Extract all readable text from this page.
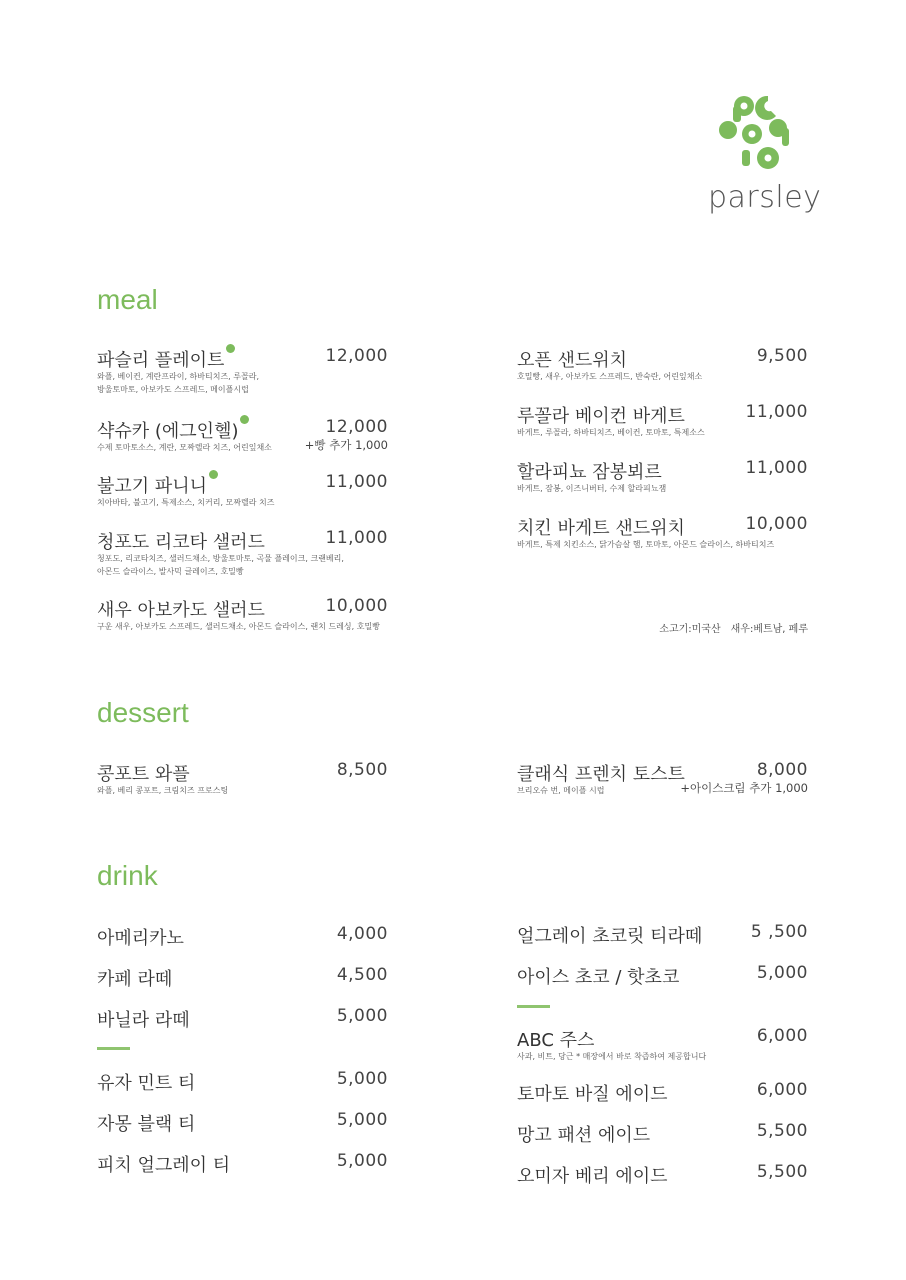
parsley
meal
파슬리 플레이트	12,000
와플, 베이컨, 계란프라이, 하바티치즈, 루꼴라,
방울토마토, 아보카도 스프레드, 메이플시럽
샥슈카 (에그인헬)	12,000
+빵 추가 1,000
수제 토마토소스, 계란, 모짜렐라 치즈, 어린잎채소
불고기 파니니	11,000
치아바타, 불고기, 특제소스, 치커리, 모짜렐라 치즈
청포도 리코타 샐러드	11,000
청포도, 리코타치즈, 샐러드채소, 방울토마토, 곡물 플레이크, 크랜베리,
아몬드 슬라이스, 발사믹 글레이즈, 호밀빵
새우 아보카도 샐러드	10,000
구운 새우, 아보카도 스프레드, 샐러드채소, 아몬드 슬라이스, 랜치 드레싱, 호밀빵
오픈 샌드위치	9,500
호밀빵, 새우, 아보카도 스프레드, 반숙란, 어린잎채소
루꼴라 베이컨 바게트	11,000
바게트, 루꼴라, 하바티치즈, 베이컨, 토마토, 특제소스
할라피뇨 잠봉뵈르	11,000
바게트, 잠봉, 이즈니버터, 수제 할라피뇨잼
치킨 바게트 샌드위치	10,000
바게트, 특제 치킨소스, 닭가슴살 햄, 토마토, 아몬드 슬라이스, 하바티치즈
소고기:미국산 새우:베트남, 페루
dessert
콩포트 와플	8,500
와플, 베리 콩포트, 크림치즈 프로스팅
클래식 프렌치 토스트	8,000
+아이스크림 추가 1,000
브리오슈 번, 메이플 시럽
drink
아메리카노	4,000
카페 라떼	4,500
바닐라 라떼	5,000
유자 민트 티	5,000
자몽 블랙 티	5,000
피치 얼그레이 티	5,000
얼그레이 초코릿 티라떼	5 ,500
아이스 초코 / 핫초코	5,000
ABC 주스	6,000
사과, 비트, 당근 * 매장에서 바로 착즙하여 제공합니다
토마토 바질 에이드	6,000
망고 패션 에이드	5,500
오미자 베리 에이드	5,500
